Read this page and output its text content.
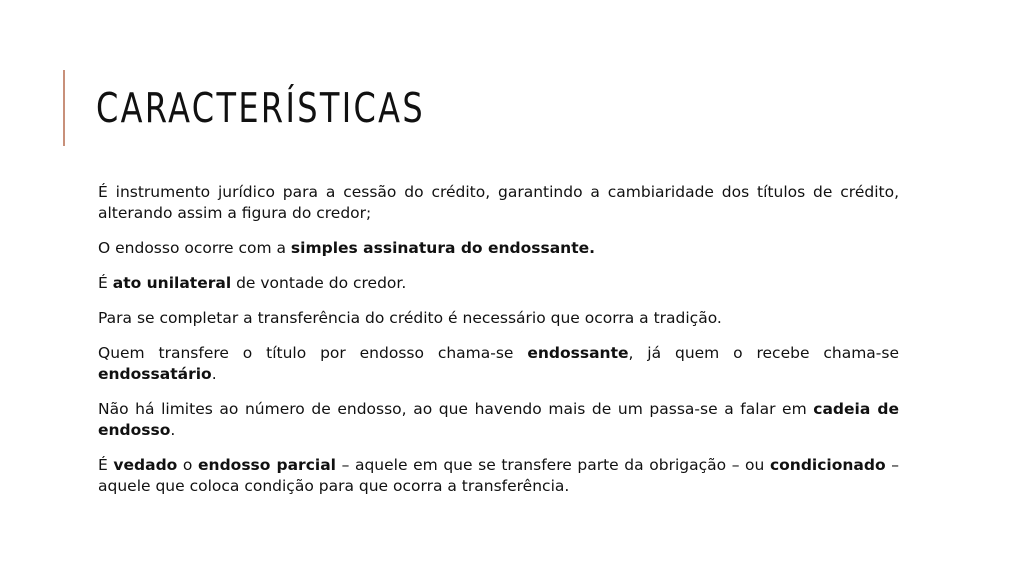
CARACTERÍSTICAS

É instrumento jurídico para a cessão do crédito, garantindo a cambiaridade dos títulos de crédito, alterando assim a figura do credor;

O endosso ocorre com a simples assinatura do endossante.

É ato unilateral de vontade do credor.

Para se completar a transferência do crédito é necessário que ocorra a tradição.

Quem transfere o título por endosso chama-se endossante, já quem o recebe chama-se endossatário.

Não há limites ao número de endosso, ao que havendo mais de um passa-se a falar em cadeia de endosso.

É vedado o endosso parcial – aquele em que se transfere parte da obrigação – ou condicionado – aquele que coloca condição para que ocorra a transferência.
